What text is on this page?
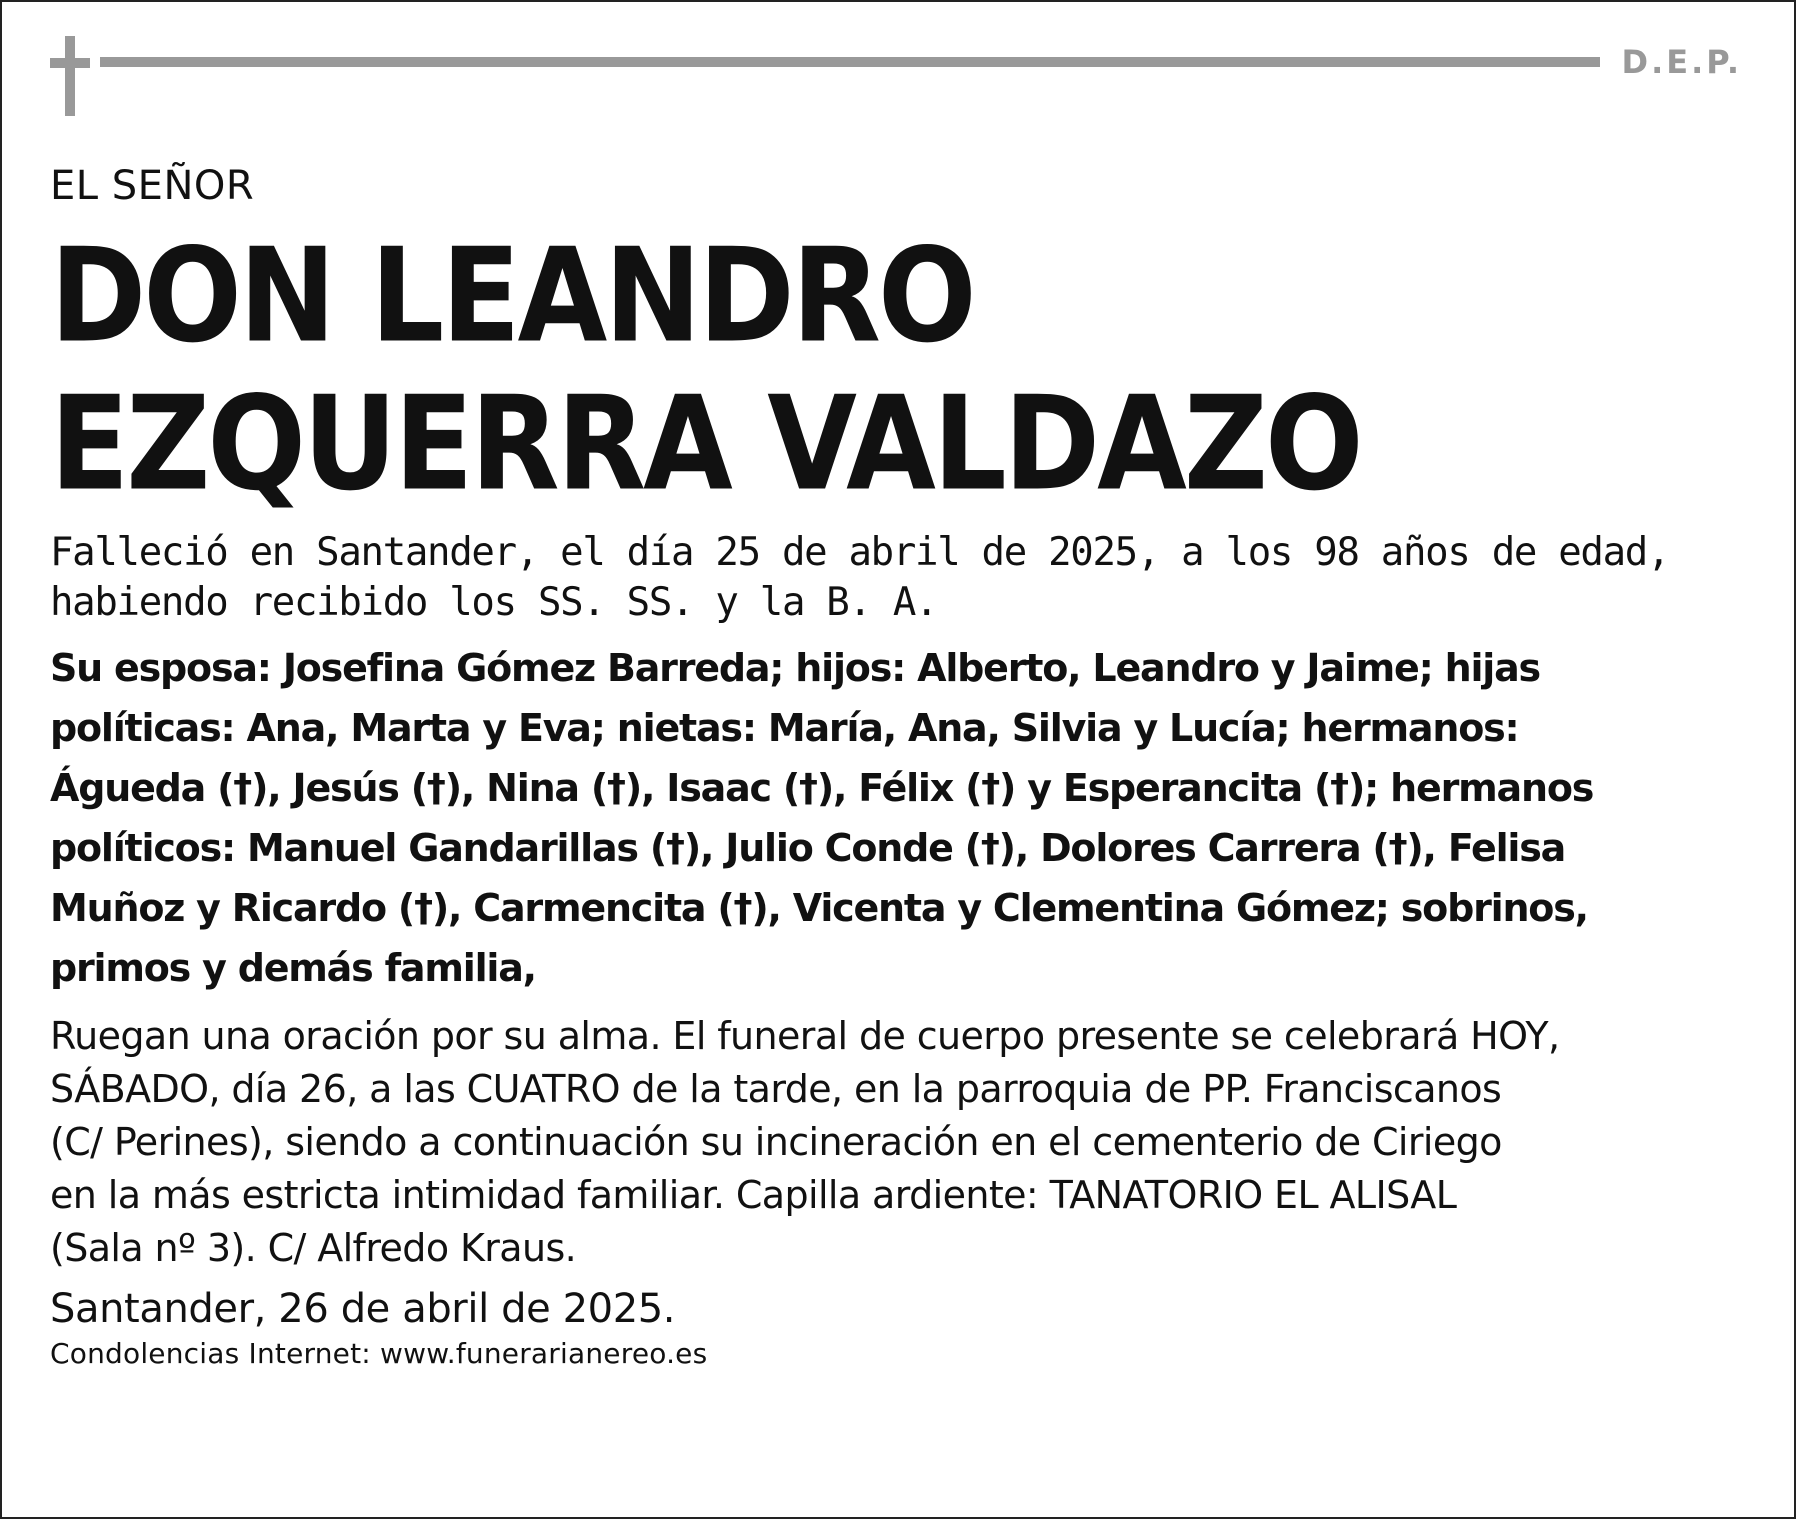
D.E.P.
EL SEÑOR
DON LEANDRO
EZQUERRA VALDAZO
Falleció en Santander, el día 25 de abril de 2025, a los 98 años de edad,
habiendo recibido los SS. SS. y la B. A.
Su esposa: Josefina Gómez Barreda; hijos: Alberto, Leandro y Jaime; hijas
políticas: Ana, Marta y Eva; nietas: María, Ana, Silvia y Lucía; hermanos:
Águeda (†), Jesús (†), Nina (†), Isaac (†), Félix (†) y Esperancita (†); hermanos
políticos: Manuel Gandarillas (†), Julio Conde (†), Dolores Carrera (†), Felisa
Muñoz y Ricardo (†), Carmencita (†), Vicenta y Clementina Gómez; sobrinos,
primos y demás familia,
Ruegan una oración por su alma. El funeral de cuerpo presente se celebrará HOY,
SÁBADO, día 26, a las CUATRO de la tarde, en la parroquia de PP. Franciscanos
(C/ Perines), siendo a continuación su incineración en el cementerio de Ciriego
en la más estricta intimidad familiar. Capilla ardiente: TANATORIO EL ALISAL
(Sala nº 3). C/ Alfredo Kraus.
Santander, 26 de abril de 2025.
Condolencias Internet: www.funerarianereo.es
